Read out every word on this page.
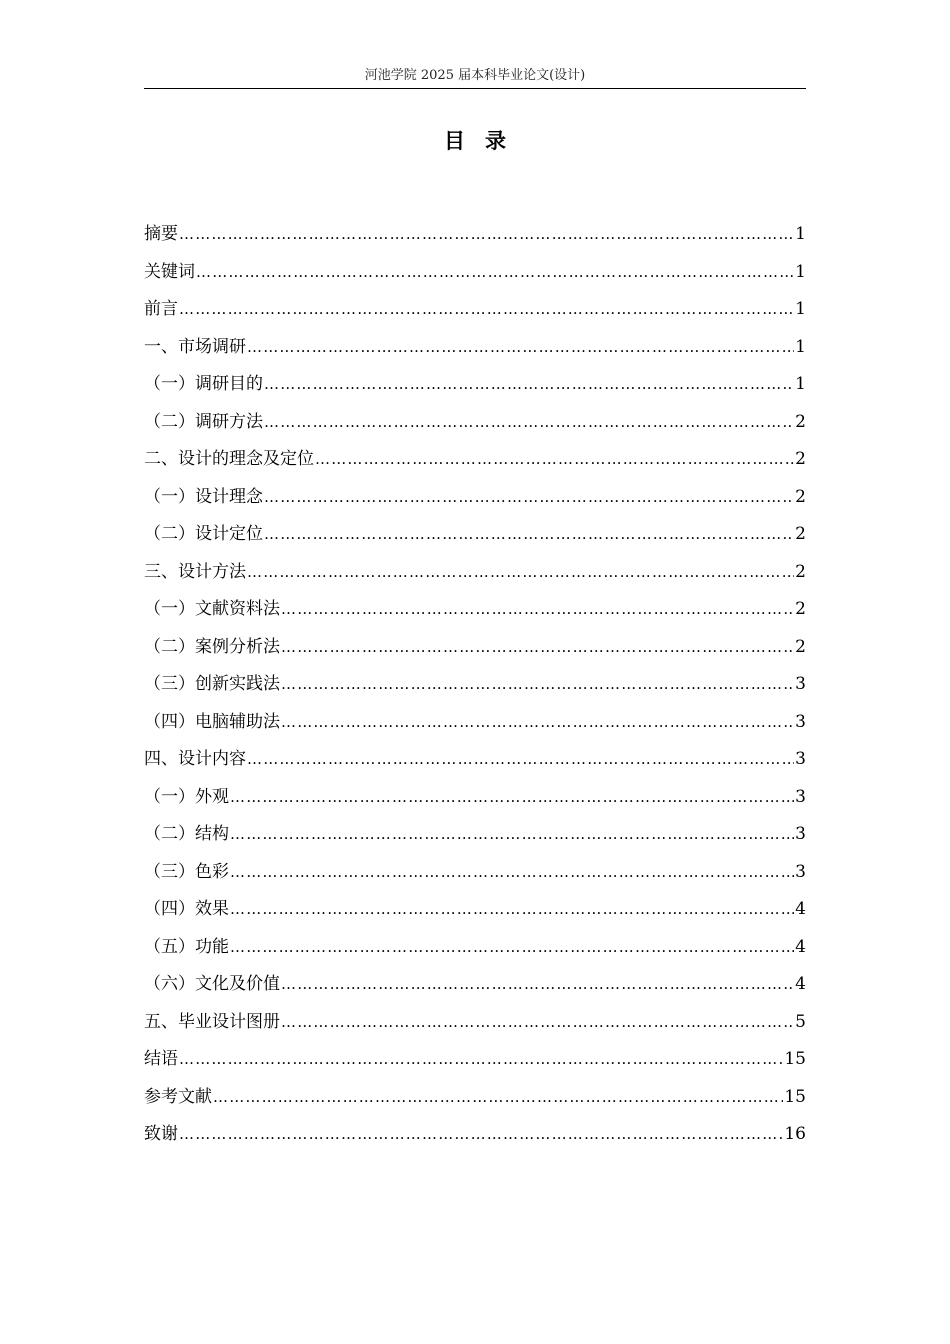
河池学院 2025 届本科毕业论文(设计)
目录
摘要 ……………………………………………………………………………………………………………………………………………………………………………………	1
关键词 ……………………………………………………………………………………………………………………………………………………………………………………	1
前言 ……………………………………………………………………………………………………………………………………………………………………………………	1
一、市场调研 ……………………………………………………………………………………………………………………………………………………………………………………	1
（一）调研目的 ……………………………………………………………………………………………………………………………………………………………………………………	1
（二）调研方法 ……………………………………………………………………………………………………………………………………………………………………………………	2
二、设计的理念及定位 ……………………………………………………………………………………………………………………………………………………………………………………	2
（一）设计理念 ……………………………………………………………………………………………………………………………………………………………………………………	2
（二）设计定位 ……………………………………………………………………………………………………………………………………………………………………………………	2
三、设计方法 ……………………………………………………………………………………………………………………………………………………………………………………	2
（一）文献资料法 ……………………………………………………………………………………………………………………………………………………………………………………	2
（二）案例分析法 ……………………………………………………………………………………………………………………………………………………………………………………	2
（三）创新实践法 ……………………………………………………………………………………………………………………………………………………………………………………	3
（四）电脑辅助法 ……………………………………………………………………………………………………………………………………………………………………………………	3
四、设计内容 ……………………………………………………………………………………………………………………………………………………………………………………	3
（一）外观 ……………………………………………………………………………………………………………………………………………………………………………………	3
（二）结构 ……………………………………………………………………………………………………………………………………………………………………………………	3
（三）色彩 ……………………………………………………………………………………………………………………………………………………………………………………	3
（四）效果 ……………………………………………………………………………………………………………………………………………………………………………………	4
（五）功能 ……………………………………………………………………………………………………………………………………………………………………………………	4
（六）文化及价值 ……………………………………………………………………………………………………………………………………………………………………………………	4
五、毕业设计图册 ……………………………………………………………………………………………………………………………………………………………………………………	5
结语 ……………………………………………………………………………………………………………………………………………………………………………………	15
参考文献 ……………………………………………………………………………………………………………………………………………………………………………………	15
致谢 ……………………………………………………………………………………………………………………………………………………………………………………	16
